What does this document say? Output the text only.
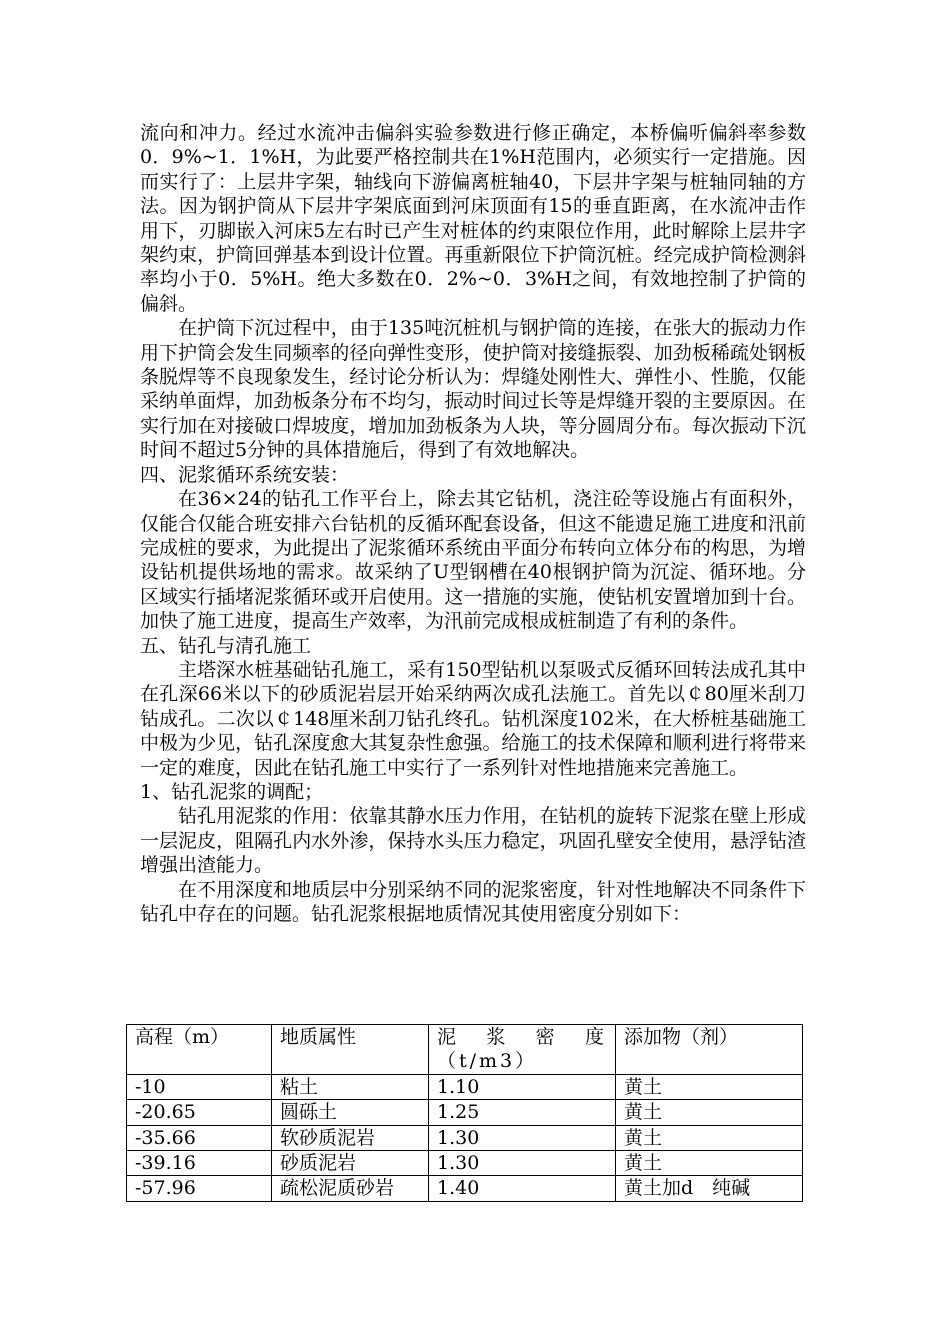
流向和冲力。经过水流冲击偏斜实验参数进行修正确定，本桥偏听偏斜率参数0．9%~1．1%H，为此要严格控制共在1%H范围内，必须实行一定措施。因而实行了：上层井字架，轴线向下游偏离桩轴40，下层井字架与桩轴同轴的方法。因为钢护筒从下层井字架底面到河床顶面有15的垂直距离，在水流冲击作用下，刃脚嵌入河床5左右时已产生对桩体的约束限位作用，此时解除上层井字架约束，护筒回弹基本到设计位置。再重新限位下护筒沉桩。经完成护筒检测斜率均小于0．5%H。绝大多数在0．2%~0．3%H之间，有效地控制了护筒的偏斜。

在护筒下沉过程中，由于135吨沉桩机与钢护筒的连接，在张大的振动力作用下护筒会发生同频率的径向弹性变形，使护筒对接缝振裂、加劲板稀疏处钢板条脱焊等不良现象发生，经讨论分析认为：焊缝处刚性大、弹性小、性脆，仅能采纳单面焊，加劲板条分布不均匀，振动时间过长等是焊缝开裂的主要原因。在实行加在对接破口焊坡度，增加加劲板条为人块，等分圆周分布。每次振动下沉时间不超过5分钟的具体措施后，得到了有效地解决。

四、泥浆循环系统安装：

在36×24的钻孔工作平台上，除去其它钻机，浇注砼等设施占有面积外，仅能合仅能合班安排六台钻机的反循环配套设备，但这不能遗足施工进度和汛前完成桩的要求，为此提出了泥浆循环系统由平面分布转向立体分布的构思，为增设钻机提供场地的需求。故采纳了U型钢槽在40根钢护筒为沉淀、循环地。分区域实行插堵泥浆循环或开启使用。这一措施的实施，使钻机安置增加到十台。加快了施工进度，提高生产效率，为汛前完成根成桩制造了有利的条件。

五、钻孔与清孔施工

主塔深水桩基础钻孔施工，采有150型钻机以泵吸式反循环回转法成孔其中在孔深66米以下的砂质泥岩层开始采纳两次成孔法施工。首先以￠80厘米刮刀钻成孔。二次以￠148厘米刮刀钻孔终孔。钻机深度102米，在大桥桩基础施工中极为少见，钻孔深度愈大其复杂性愈强。给施工的技术保障和顺利进行将带来一定的难度，因此在钻孔施工中实行了一系列针对性地措施来完善施工。

1、钻孔泥浆的调配；

钻孔用泥浆的作用：依靠其静水压力作用，在钻机的旋转下泥浆在壁上形成一层泥皮，阻隔孔内水外渗，保持水头压力稳定，巩固孔壁安全使用，悬浮钻渣增强出渣能力。

在不用深度和地质层中分别采纳不同的泥浆密度，针对性地解决不同条件下钻孔中存在的问题。钻孔泥浆根据地质情况其使用密度分别如下：

高程（m）	地质属性	泥浆密度（t/m3）	添加物（剂）
-10	粘土	1.10	黄土
-20.65	圆砾土	1.25	黄土
-35.66	软砂质泥岩	1.30	黄土
-39.16	砂质泥岩	1.30	黄土
-57.96	疏松泥质砂岩	1.40	黄土加d　纯碱
